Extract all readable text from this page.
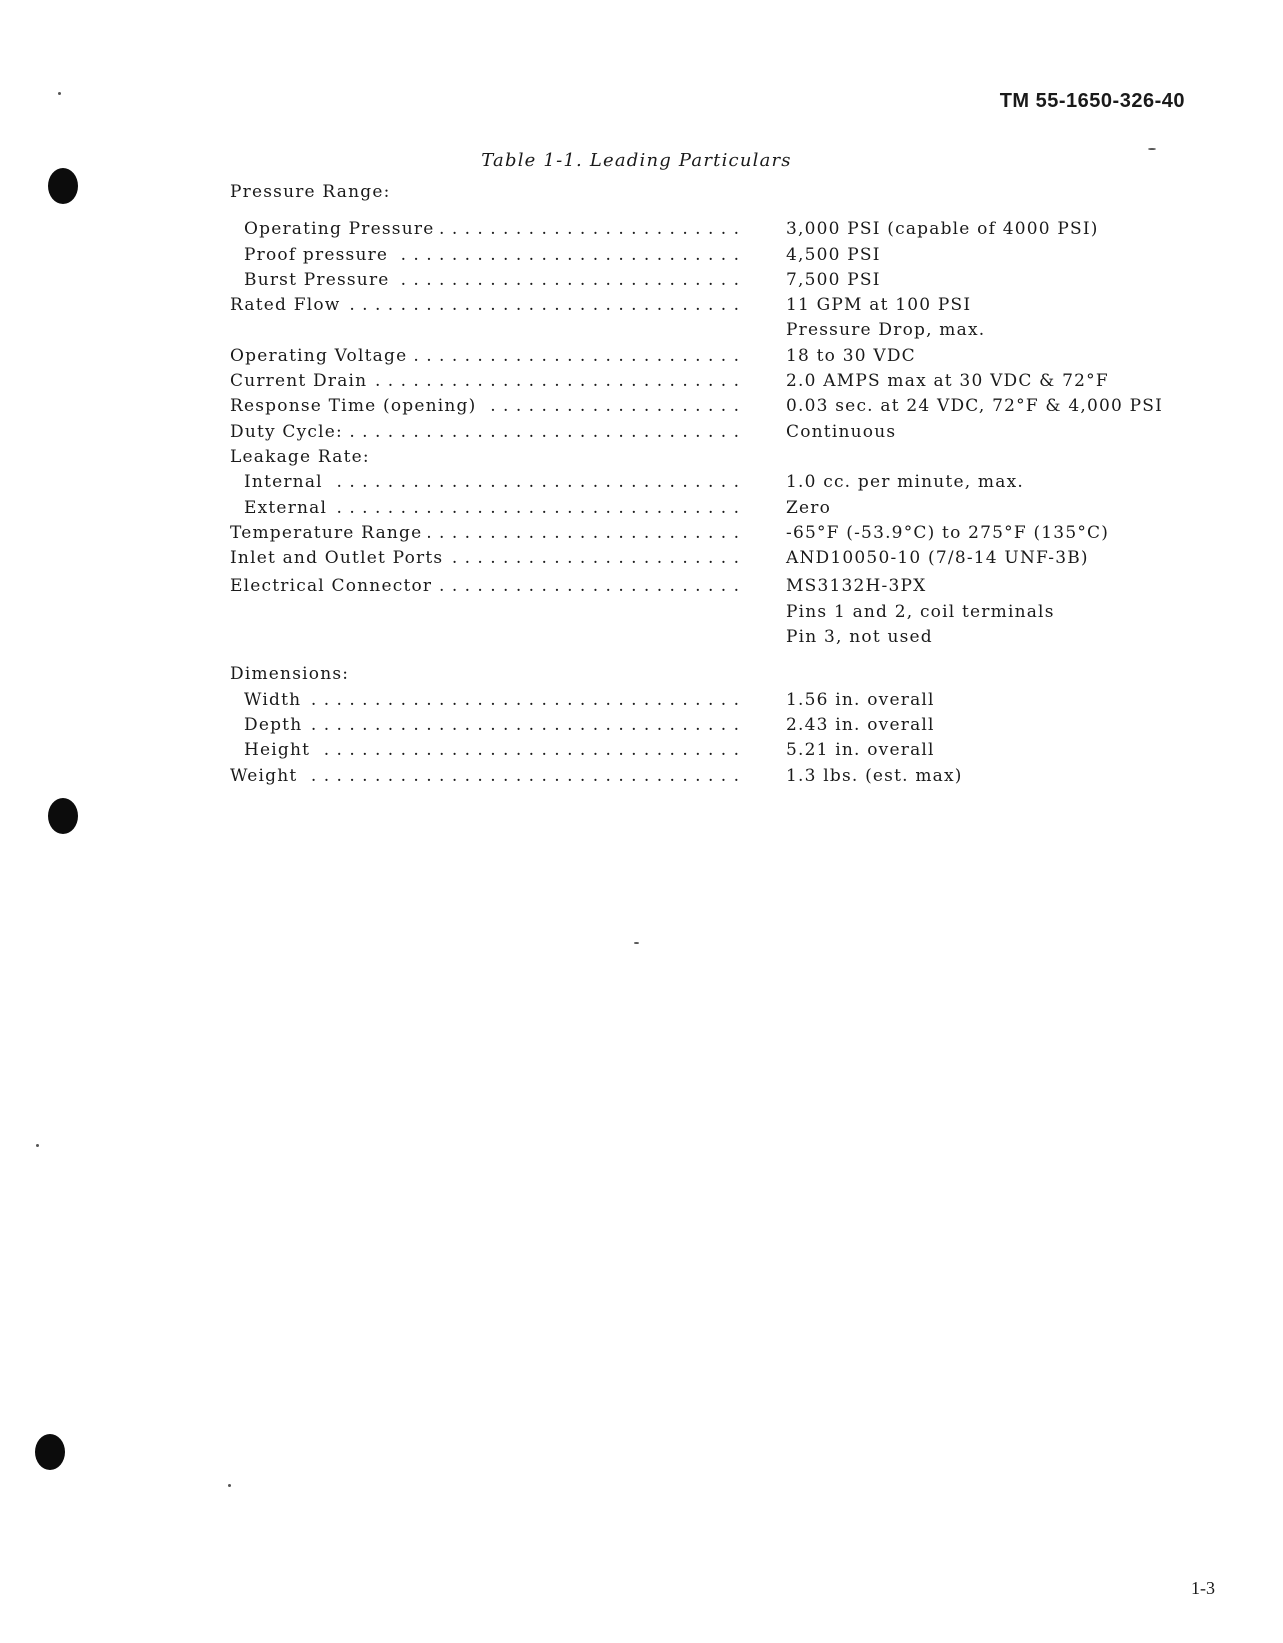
TM 55-1650-326-40
Table 1-1. Leading Particulars
Pressure Range:
Operating Pressure . . .	3,000 PSI (capable of 4000 PSI)
Proof pressure . . .	4,500 PSI
Burst Pressure . . .	7,500 PSI
Rated Flow . . .	11 GPM at 100 PSI
Pressure Drop, max.
Operating Voltage . . .	18 to 30 VDC
Current Drain . . .	2.0 AMPS max at 30 VDC & 72°F
Response Time (opening) . . .	0.03 sec. at 24 VDC, 72°F & 4,000 PSI
Duty Cycle: . . .	Continuous
Leakage Rate:
Internal . . .	1.0 cc. per minute, max.
External . . .	Zero
Temperature Range . . .	-65°F (-53.9°C) to 275°F (135°C)
Inlet and Outlet Ports . . .	AND10050-10 (7/8-14 UNF-3B)
Electrical Connector . . .	MS3132H-3PX
Pins 1 and 2, coil terminals
Pin 3, not used
Dimensions:
Width . . .	1.56 in. overall
Depth . . .	2.43 in. overall
Height . . .	5.21 in. overall
Weight . . .	1.3 lbs. (est. max)
1-3
